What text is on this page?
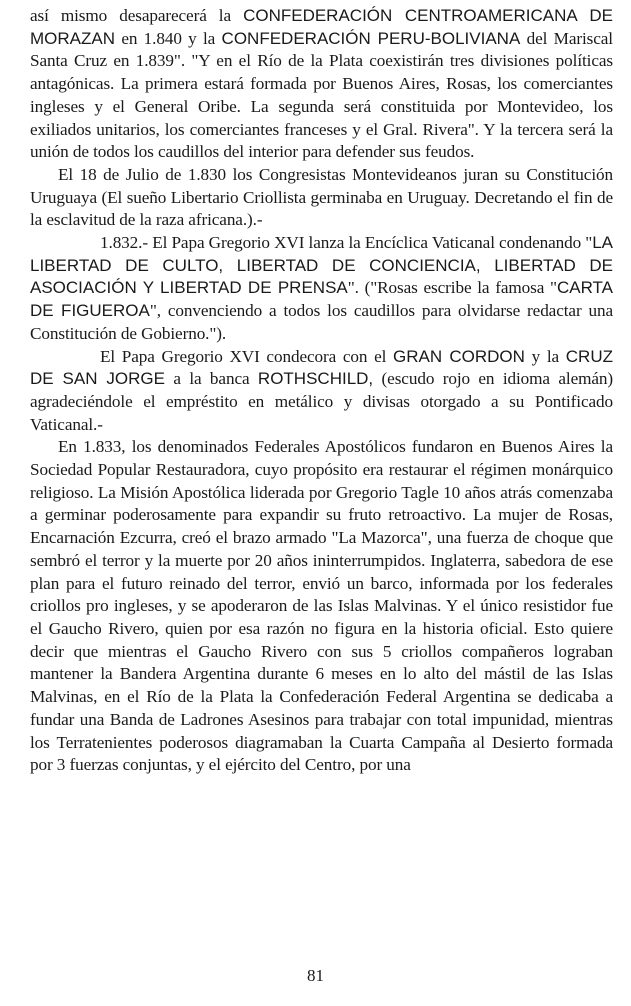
así mismo desaparecerá la CONFEDERACIÓN CENTROAMERICANA DE MORAZAN en 1.840 y la CONFEDERACIÓN PERU-BOLIVIANA del Mariscal Santa Cruz en 1.839". "Y en el Río de la Plata coexistirán tres divisiones políticas antagónicas. La primera estará formada por Buenos Aires, Rosas, los comerciantes ingleses y el General Oribe. La segunda será constituida por Montevideo, los exiliados unitarios, los comerciantes franceses y el Gral. Rivera". Y la tercera será la unión de todos los caudillos del interior para defender sus feudos.

El 18 de Julio de 1.830 los Congresistas Montevideanos juran su Constitución Uruguaya (El sueño Libertario Criollista germinaba en Uruguay. Decretando el fin de la esclavitud de la raza africana.).-

1.832.- El Papa Gregorio XVI lanza la Encíclica Vaticanal condenando "LA LIBERTAD DE CULTO, LIBERTAD DE CONCIENCIA, LIBERTAD DE ASOCIACIÓN Y LIBERTAD DE PRENSA". ("Rosas escribe la famosa "CARTA DE FIGUEROA", convenciendo a todos los caudillos para olvidarse redactar una Constitución de Gobierno.").

El Papa Gregorio XVI condecora con el GRAN CORDON y la CRUZ DE SAN JORGE a la banca ROTHSCHILD, (escudo rojo en idioma alemán) agradeciéndole el empréstito en metálico y divisas otorgado a su Pontificado Vaticanal.-

En 1.833, los denominados Federales Apostólicos fundaron en Buenos Aires la Sociedad Popular Restauradora, cuyo propósito era restaurar el régimen monárquico religioso. La Misión Apostólica liderada por Gregorio Tagle 10 años atrás comenzaba a germinar poderosamente para expandir su fruto retroactivo. La mujer de Rosas, Encarnación Ezcurra, creó el brazo armado "La Mazorca", una fuerza de choque que sembró el terror y la muerte por 20 años ininterrumpidos. Inglaterra, sabedora de ese plan para el futuro reinado del terror, envió un barco, informada por los federales criollos pro ingleses, y se apoderaron de las Islas Malvinas. Y el único resistidor fue el Gaucho Rivero, quien por esa razón no figura en la historia oficial. Esto quiere decir que mientras el Gaucho Rivero con sus 5 criollos compañeros lograban mantener la Bandera Argentina durante 6 meses en lo alto del mástil de las Islas Malvinas, en el Río de la Plata la Confederación Federal Argentina se dedicaba a fundar una Banda de Ladrones Asesinos para trabajar con total impunidad, mientras los Terratenientes poderosos diagramaban la Cuarta Campaña al Desierto formada por 3 fuerzas conjuntas, y el ejército del Centro, por una

81
